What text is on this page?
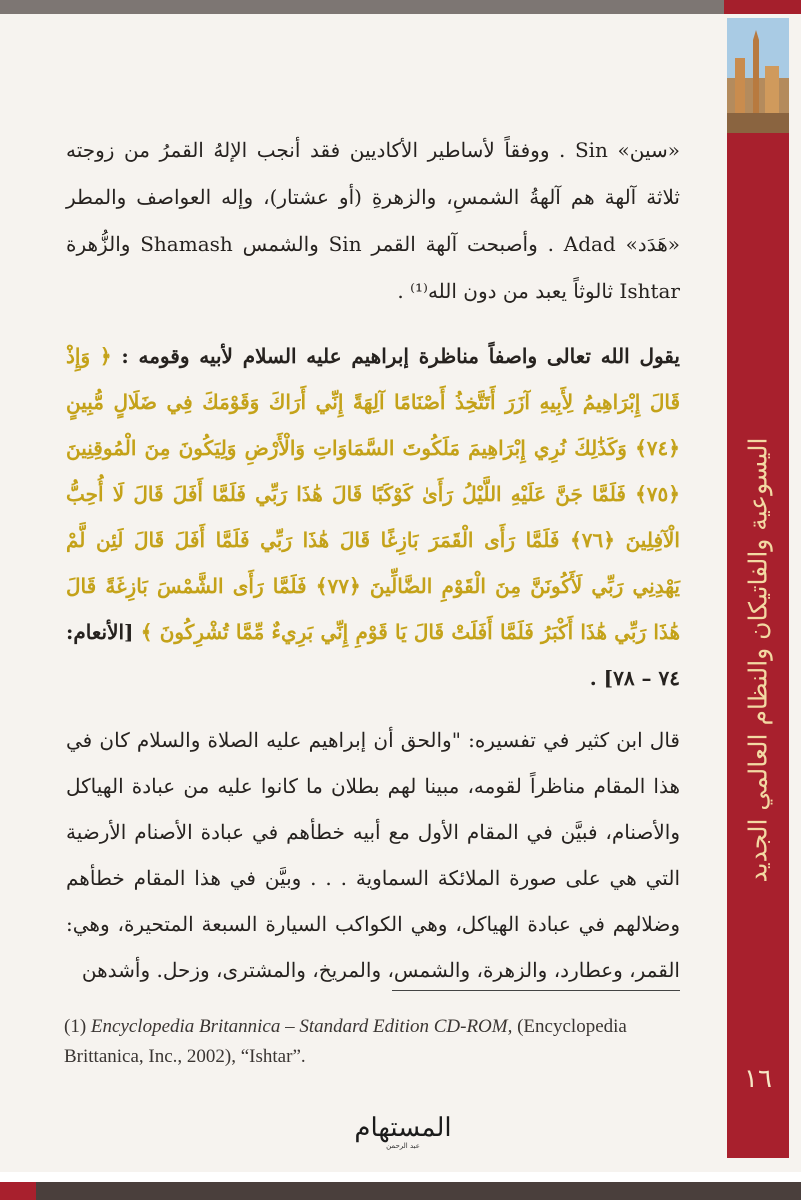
اليسوعية والفاتيكان والنظام العالمي الجديد
١٦

«سين» Sin . ووفقاً لأساطير الأكاديين فقد أنجب الإلهُ القمرُ من زوجته ثلاثة آلهة هم آلهةُ الشمسِ، والزهرةِ (أو عشتار)، وإله العواصف والمطر «هَدَد» Adad . وأصبحت آلهة القمر Sin والشمس Shamash والزُّهرة Ishtar ثالوثاً يعبد من دون الله⁽¹⁾ .

يقول الله تعالى واصفاً مناظرة إبراهيم عليه السلام لأبيه وقومه : ﴿ وَإِذْ قَالَ إِبْرَاهِيمُ لِأَبِيهِ آزَرَ أَتَتَّخِذُ أَصْنَامًا آلِهَةً إِنِّي أَرَاكَ وَقَوْمَكَ فِي ضَلَالٍ مُّبِينٍ ﴿٧٤﴾ وَكَذَٰلِكَ نُرِي إِبْرَاهِيمَ مَلَكُوتَ السَّمَاوَاتِ وَالْأَرْضِ وَلِيَكُونَ مِنَ الْمُوقِنِينَ ﴿٧٥﴾ فَلَمَّا جَنَّ عَلَيْهِ اللَّيْلُ رَأَىٰ كَوْكَبًا قَالَ هَٰذَا رَبِّي فَلَمَّا أَفَلَ قَالَ لَا أُحِبُّ الْآفِلِينَ ﴿٧٦﴾ فَلَمَّا رَأَى الْقَمَرَ بَازِغًا قَالَ هَٰذَا رَبِّي فَلَمَّا أَفَلَ قَالَ لَئِن لَّمْ يَهْدِنِي رَبِّي لَأَكُونَنَّ مِنَ الْقَوْمِ الضَّالِّينَ ﴿٧٧﴾ فَلَمَّا رَأَى الشَّمْسَ بَازِغَةً قَالَ هَٰذَا رَبِّي هَٰذَا أَكْبَرُ فَلَمَّا أَفَلَتْ قَالَ يَا قَوْمِ إِنِّي بَرِيءٌ مِّمَّا تُشْرِكُونَ ﴾ [الأنعام: ٧٤ – ٧٨] .

قال ابن كثير في تفسيره: "والحق أن إبراهيم عليه الصلاة والسلام كان في هذا المقام مناظراً لقومه، مبينا لهم بطلان ما كانوا عليه من عبادة الهياكل والأصنام، فبيَّن في المقام الأول مع أبيه خطأهم في عبادة الأصنام الأرضية التي هي على صورة الملائكة السماوية . . . وبيَّن في هذا المقام خطأهم وضلالهم في عبادة الهياكل، وهي الكواكب السيارة السبعة المتحيرة، وهي: القمر، وعطارد، والزهرة، والشمس، والمريخ، والمشترى، وزحل. وأشدهن

(1) Encyclopedia Britannica – Standard Edition CD-ROM, (Encyclopedia Brittanica, Inc., 2002), “Ishtar”.
المستهام
عبد الرحمن
